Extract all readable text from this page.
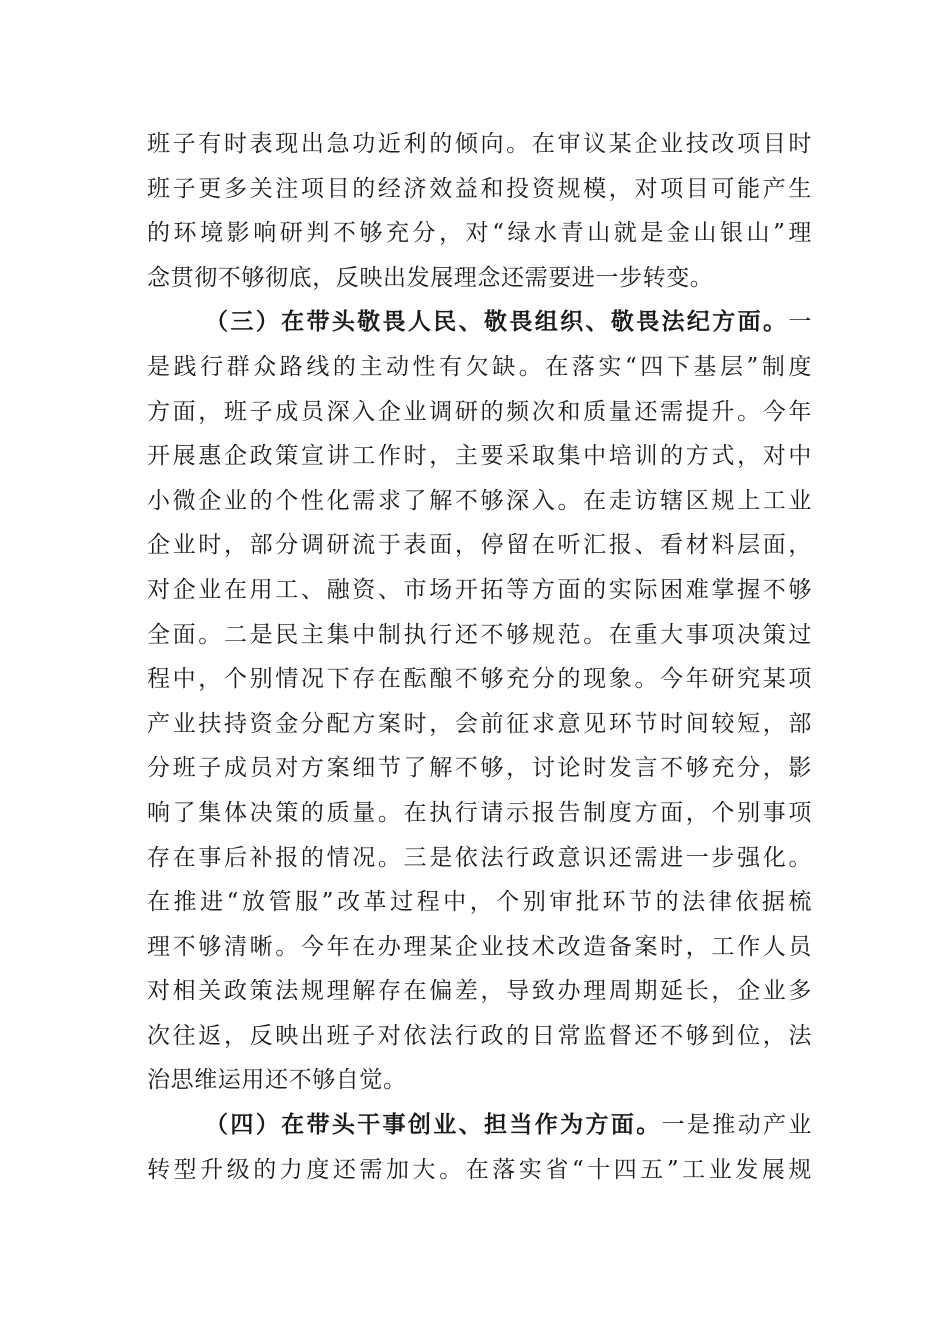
班子有时表现出急功近利的倾向。在审议某企业技改项目时
班子更多关注项目的经济效益和投资规模，对项目可能产生
的环境影响研判不够充分，对“绿水青山就是金山银山”理
念贯彻不够彻底，反映出发展理念还需要进一步转变。
（三）在带头敬畏人民、敬畏组织、敬畏法纪方面。一
是践行群众路线的主动性有欠缺。在落实“四下基层”制度
方面，班子成员深入企业调研的频次和质量还需提升。今年
开展惠企政策宣讲工作时，主要采取集中培训的方式，对中
小微企业的个性化需求了解不够深入。在走访辖区规上工业
企业时，部分调研流于表面，停留在听汇报、看材料层面，
对企业在用工、融资、市场开拓等方面的实际困难掌握不够
全面。二是民主集中制执行还不够规范。在重大事项决策过
程中，个别情况下存在酝酿不够充分的现象。今年研究某项
产业扶持资金分配方案时，会前征求意见环节时间较短，部
分班子成员对方案细节了解不够，讨论时发言不够充分，影
响了集体决策的质量。在执行请示报告制度方面，个别事项
存在事后补报的情况。三是依法行政意识还需进一步强化。
在推进“放管服”改革过程中，个别审批环节的法律依据梳
理不够清晰。今年在办理某企业技术改造备案时，工作人员
对相关政策法规理解存在偏差，导致办理周期延长，企业多
次往返，反映出班子对依法行政的日常监督还不够到位，法
治思维运用还不够自觉。
（四）在带头干事创业、担当作为方面。一是推动产业
转型升级的力度还需加大。在落实省“十四五”工业发展规
